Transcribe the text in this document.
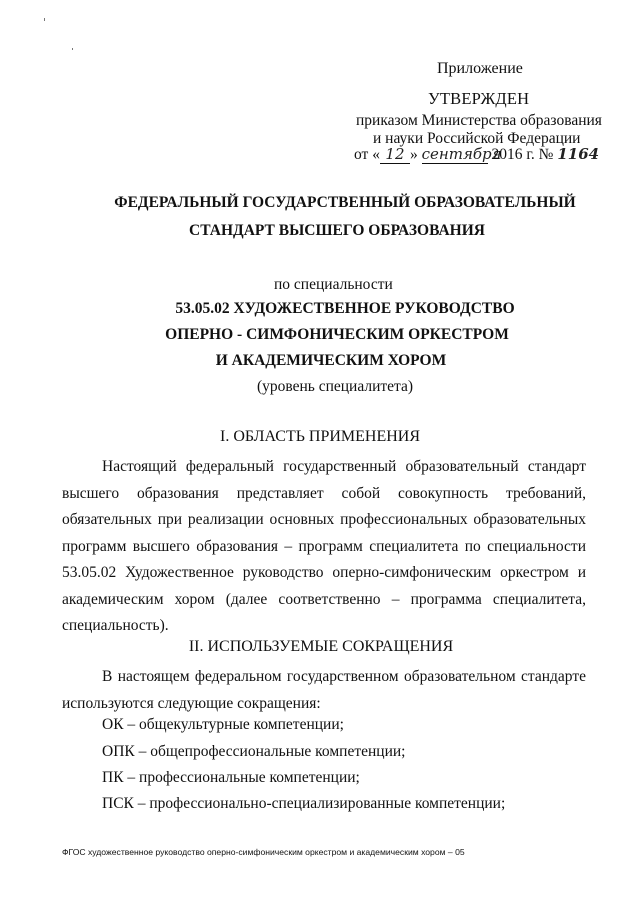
Приложение
УТВЕРЖДЕН
приказом Министерства образования
и науки Российской Федерации
от « 12 » сентября 2016 г. № 1164
ФЕДЕРАЛЬНЫЙ ГОСУДАРСТВЕННЫЙ ОБРАЗОВАТЕЛЬНЫЙ
СТАНДАРТ ВЫСШЕГО ОБРАЗОВАНИЯ
по специальности
53.05.02 ХУДОЖЕСТВЕННОЕ РУКОВОДСТВО
ОПЕРНО - СИМФОНИЧЕСКИМ ОРКЕСТРОМ
И АКАДЕМИЧЕСКИМ ХОРОМ
(уровень специалитета)
I. ОБЛАСТЬ ПРИМЕНЕНИЯ
Настоящий федеральный государственный образовательный стандарт высшего образования представляет собой совокупность требований, обязательных при реализации основных профессиональных образовательных программ высшего образования – программ специалитета по специальности 53.05.02 Художественное руководство оперно-симфоническим оркестром и академическим хором (далее соответственно – программа специалитета, специальность).
II. ИСПОЛЬЗУЕМЫЕ СОКРАЩЕНИЯ
В настоящем федеральном государственном образовательном стандарте используются следующие сокращения:
ОК – общекультурные компетенции;
ОПК – общепрофессиональные компетенции;
ПК – профессиональные компетенции;
ПСК – профессионально-специализированные компетенции;
ФГОС художественное руководство оперно-симфоническим оркестром и академическим хором – 05
